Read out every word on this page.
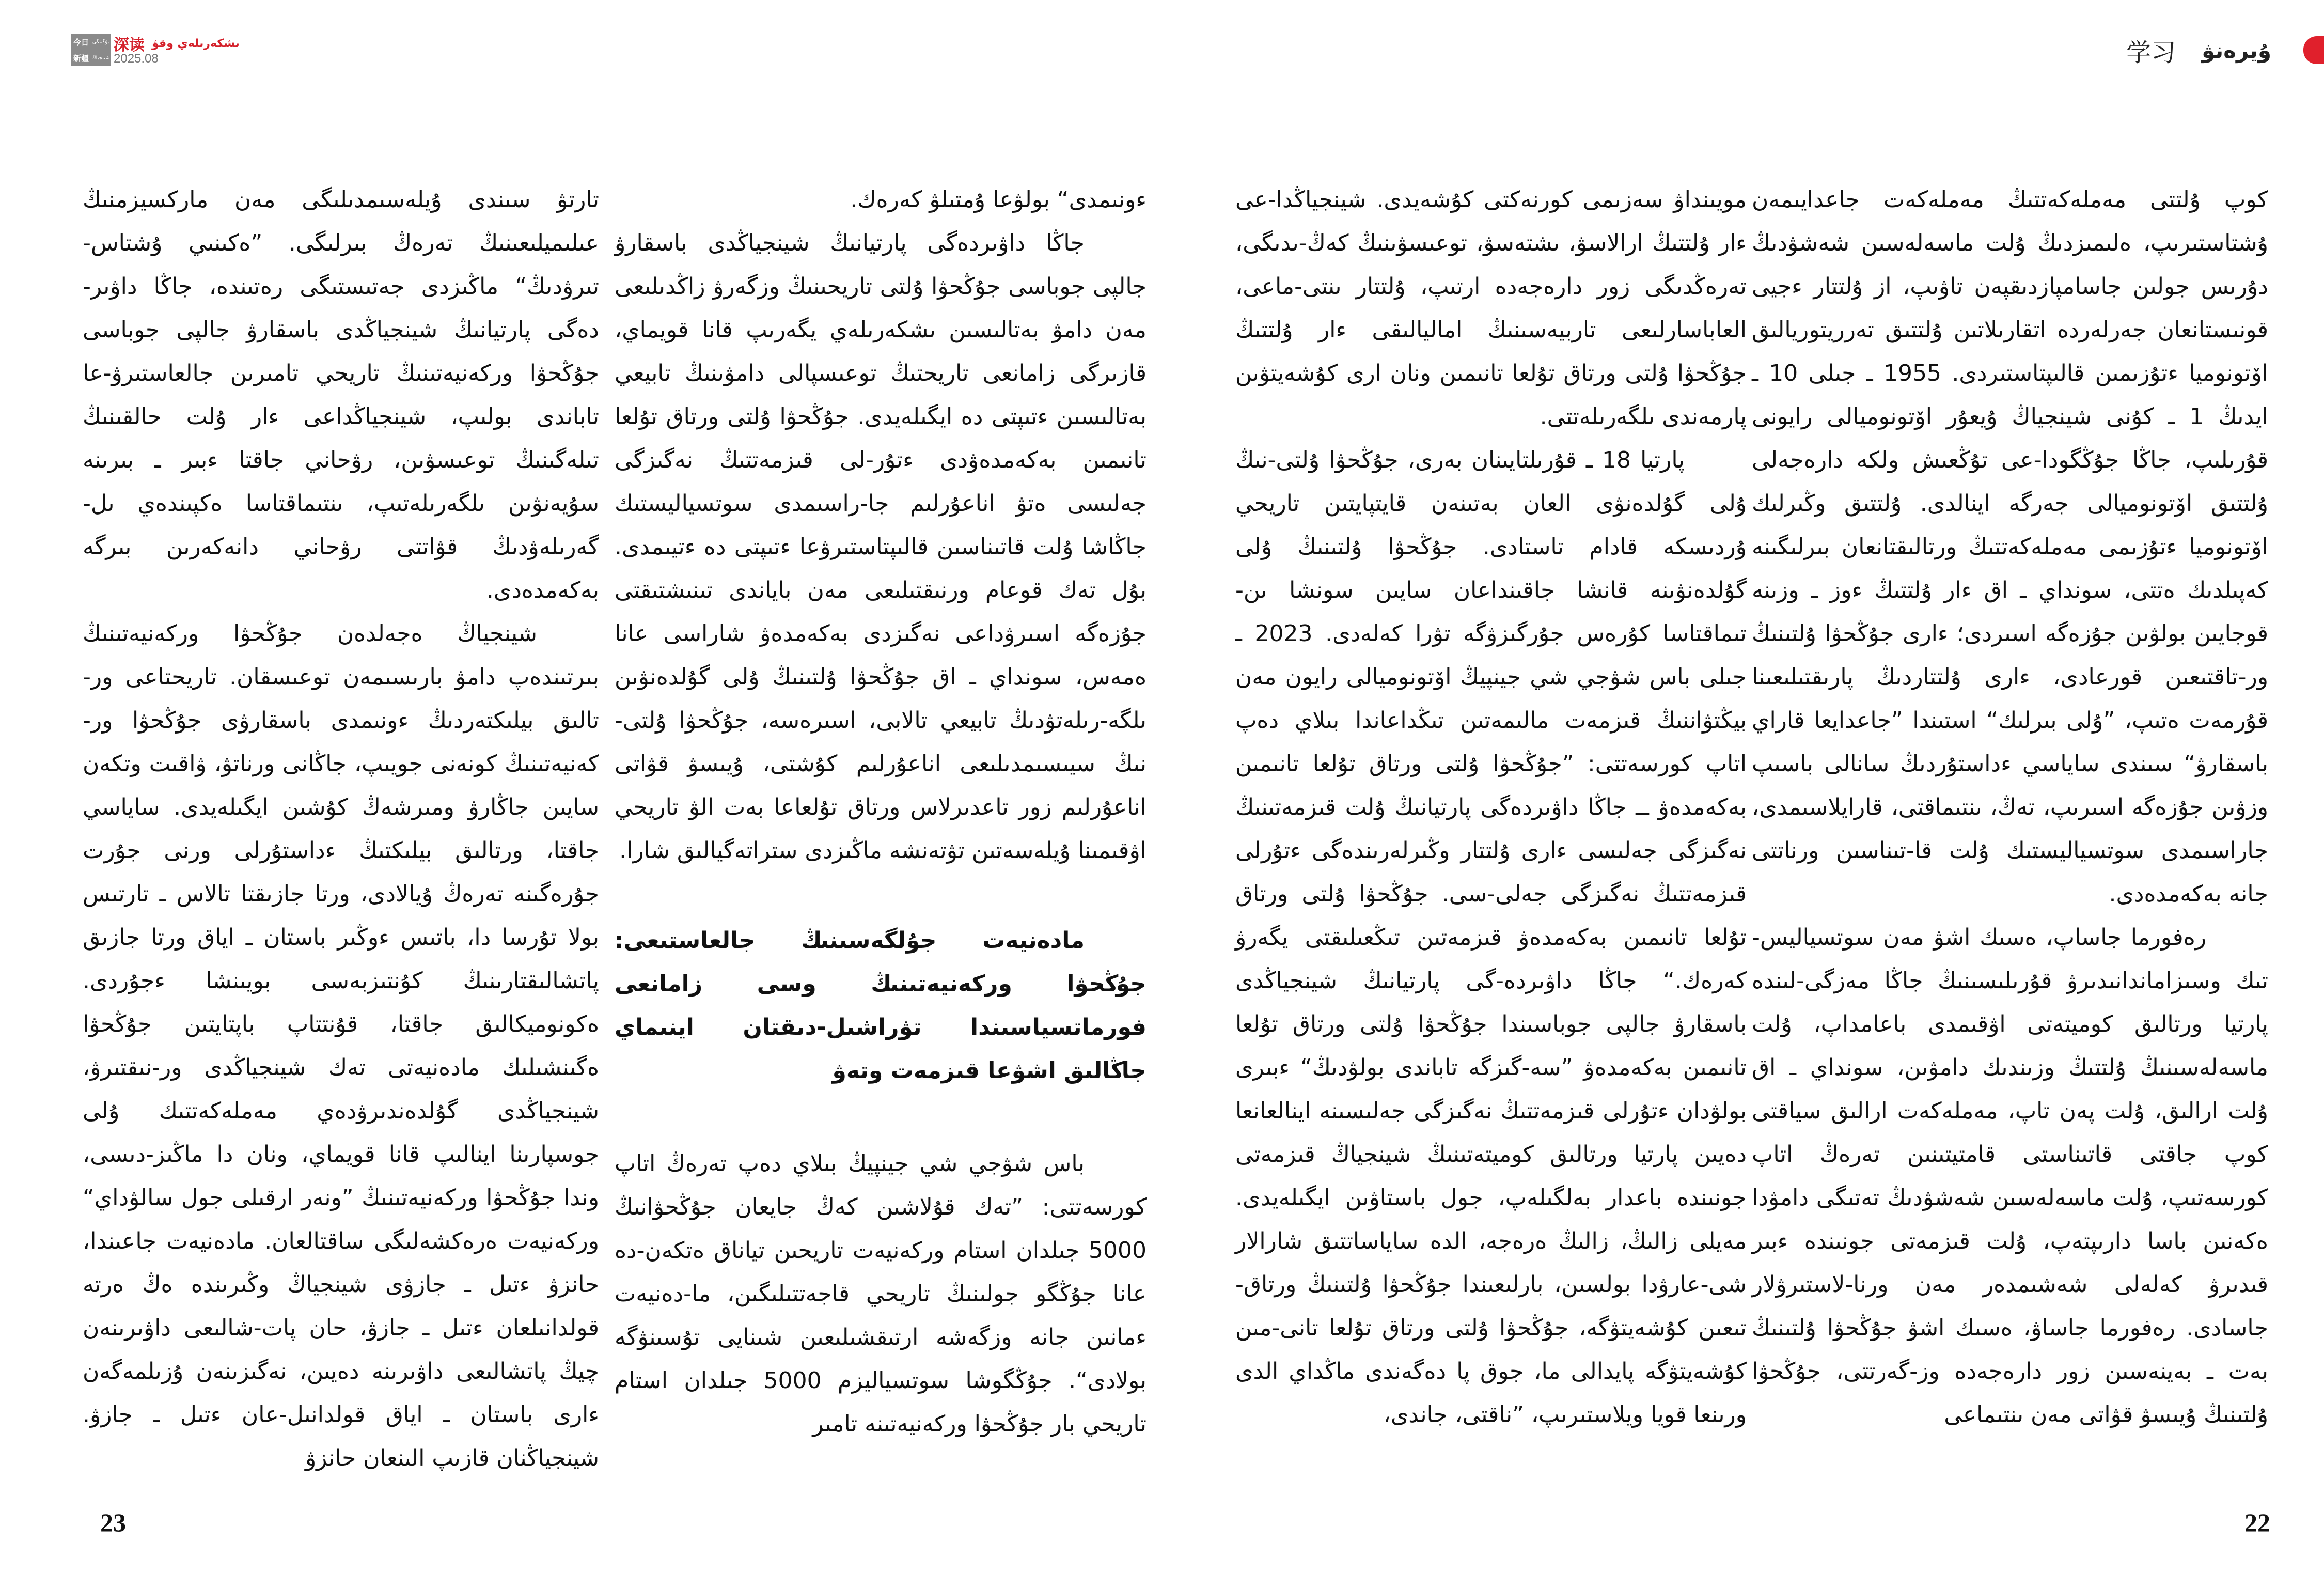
今日 بۇگىنگى
新疆 شىنجياڭ
深读 ىشكەرىلەي وقۋ
2025.08

تارتۋ سىندى ۇيلەسىمدىلىگى مەن ماركسيزمنىڭ عىلىميلىعىنىڭ تەرەڭ بىرلىگى. ”ەكىنىي ۇشتاس-تىرۋدىڭ“ ماڭىزدى جەتىستىگى رەتىندە، جاڭا داۋىر-دەگى پارتيانىڭ شينجياڭدى باسقارۋ جالپى جوباسى جۇڭحۋا وركەنيەتىنىڭ تاريحي تامىرىن جالعاستىرۋ-عا تاباندى بولىپ، شينجياڭداعى ءار ۇلت حالقىنىڭ تىلەگىنىڭ توعىسۋىن، رۋحاني جاقتا ءبىر ـ بىرىنە سۇيەنۋىن ىلگەرىلەتىپ، ىنتىماقتاسا ەكپىندەي ىل-گەرىلەۋدىڭ قۋاتتى رۋحاني دانەكەرىن بىرگە بەكەمدەدى.

شينجياڭ ەجەلدەن جۇڭحۋا وركەنيەتىنىڭ بىرتىندەپ دامۋ بارىسىمەن توعىسقان. تاريحتاعى ور-تالىق بيلىكتەردىڭ ءونىمدى باسقارۋى جۇڭحۋا ور-كەنيەتىنىڭ كونەنى جويىپ، جاڭانى ورناتۋ، ۋاقىت وتكەن سايىن جاڭارۋ ومىرشەڭ كۇشىن ايگىلەيدى. ساياسي جاقتا، ورتالىق بيلىكتىڭ ءداستۇرلى ورنى جۇرت جۇرەگىنە تەرەڭ ۇيالادى، ورتا جازىقتا تالاس ـ تارتىس بولا تۇرسا دا، باتىس ءوڭىر باستان ـ اياق ورتا جازىق پاتشالىقتارىنىڭ كۇنتىزبەسى بويىنشا ءجۇردى. ەكونوميكالىق جاقتا، قۇنتتاپ باپتايتىن جۇڭحۋا ەگىنشىلىك مادەنيەتى تەك شينجياڭدى ور-نىقتىرۋ، شينجياڭدى گۇلدەندىرۋدەي مەملەكەتتىك ۇلى جوسپارىنا اينالىپ قانا قويماي، ونان دا ماڭىز-دىسى، وندا جۇڭحۋا وركەنيەتىنىڭ ”ونەر ارقىلى جول سالۋداي“ وركەنيەت ەرەكشەلىگى ساقتالعان. مادەنيەت جاعىندا، حانزۋ ءتىل ـ جازۋى شينجياڭ وڭىرىندە ەڭ ەرتە قولدانىلعان ءتىل ـ جازۋ، حان پات-شالىعى داۋىرىنەن چيڭ پاتشالىعى داۋىرىنە دەيىن، نەگىزىنەن ۇزىلمەگەن ءارى باستان ـ اياق قولدانىل-عان ءتىل ـ جازۋ. شينجياڭنان قازىپ الىنعان حانزۋ

ءونىمدى“ بولۋعا ۇمتىلۋ كەرەك.

جاڭا داۋىردەگى پارتيانىڭ شينجياڭدى باسقارۋ جالپى جوباسى جۇڭحۋا ۇلتى تاريحىنىڭ وزگەرۋ زاڭدىلىعى مەن دامۋ بەتالىسىن ىشكەرىلەي يگەرىپ قانا قويماي، قازىرگى زامانعى تاريحتىڭ توعىسپالى دامۋىنىڭ تابيعي بەتالىسىن ءتىپتى دە ايگىلەيدى. جۇڭحۋا ۇلتى ورتاق تۇلعا تانىمىن بەكەمدەۋدى ءتۇر-لى قىزمەتتىڭ نەگىزگى جەلىسى ەتۋ اناعۇرلىم جا-راسىمدى سوتسياليستىك جاڭاشا ۇلت قاتىناسىن قالىپتاستىرۋعا ءتىپتى دە ءتيىمدى. بۇل تەك قوعام ورنىقتىلىعى مەن باياندى تىنىشتىقتى جۇزەگە اسىرۋداعى نەگىزدى بەكەمدەۋ شاراسى عانا ەمەس، سونداي ـ اق جۇڭحۋا ۇلتىنىڭ ۇلى گۇلدەنۋىن ىلگە-رىلەتۋدىڭ تابيعي تالابى، اسىرەسە، جۇڭحۋا ۇلتى-نىڭ سيىسىمدىلىعى اناعۇرلىم كۇشتى، ۇيىسۋ قۋاتى اناعۇرلىم زور تاعدىرلاس ورتاق تۇلعاعا بەت الۋ تاريحي اۋقىمىنا ۇيلەسەتىن تۋتەنشە ماڭىزدى ستراتەگيالىق شارا.

مادەنيەت جۇلگەسىنىڭ جالعاستىعى: جۇڭحۋا وركەنيەتىنىڭ وسى زامانعى فورماتسياسىندا تۋراشىل-دىقتان اينىماي جاڭالىق اشۋعا قىزمەت وتەۋ

باس شۋجي شي جينپيڭ بىلاي دەپ تەرەڭ اتاپ كورسەتتى: ”تەك قۇلاشىن كەڭ جايعان جۇڭحۋانىڭ 5000 جىلدان استام وركەنيەت تاريحىن تياناق ەتكەن-دە عانا جۇڭگو جولىنىڭ تاريحي قاجەتتىلىگىن، ما-دەنيەت ءمانىن جانە وزگەشە ارتىقشىلىعىن شىنايى تۇسىنۋگە بولادى“. جۇڭگوشا سوتسياليزم 5000 جىلدان استام تاريحي بار جۇڭحۋا وركەنيەتىنە تامىر

23
学习 ۇيرەنۋ

مويىنداۋ سەزىمى كورنەكتى كۇشەيدى. شينجياڭدا-عى ءار ۇلتتىڭ ارالاسۋ، ىشتەسۋ، توعىسۋىنىڭ كەڭ-ىدىگى، تەرەڭدىگى زور دارەجەدە ارتىپ، ۇلتتار ىنتى-ماعى، العاباسارلىعى تاربيەسىنىڭ اماليالىقى ءار ۇلتتىڭ جۇڭحۋا ۇلتى ورتاق تۇلعا تانىمىن ونان ارى كۇشەيتۋىن پارمەندى ىلگەرىلەتتى.

پارتيا 18 ـ قۇرىلتايىنان بەرى، جۇڭحۋا ۇلتى-نىڭ ۇلى گۇلدەنۋى العان بەتىنەن قايتپايتىن تاريحي ۇردىسكە قادام تاستادى. جۇڭحۋا ۇلتىنىڭ ۇلى گۇلدەنۋىنە قانشا جاقىنداعان سايىن سونشا ىن-تىماقتاسا كۇرەس جۇرگىزۋگە تۋرا كەلەدى. 2023 ـ جىلى باس شۋجي شي جينپيڭ اۆتونوميالى رايون مەن بيڭتۋاننىڭ قىزمەت مالىمەتىن تىڭداعاندا بىلاي دەپ اتاپ كورسەتتى: ”جۇڭحۋا ۇلتى ورتاق تۇلعا تانىمىن بەكەمدەۋ ــ جاڭا داۋىردەگى پارتيانىڭ ۇلت قىزمەتىنىڭ نەگىزگى جەلىسى ءارى ۇلتتار وڭىرلەرىندەگى ءتۇرلى قىزمەتتىڭ نەگىزگى جەلى-سى. جۇڭحۋا ۇلتى ورتاق تۇلعا تانىمىن بەكەمدەۋ قىزمەتىن تىڭعىلىقتى يگەرۋ كەرەك.“ جاڭا داۋىردە-گى پارتيانىڭ شينجياڭدى باسقارۋ جالپى جوباسىندا جۇڭحۋا ۇلتى ورتاق تۇلعا تانىمىن بەكەمدەۋ ”سە-گىزگە تاباندى بولۋدىڭ“ ءبىرى بولۋدان ءتۇرلى قىزمەتتىڭ نەگىزگى جەلىسىنە اينالعانعا دەيىن پارتيا ورتالىق كوميتەتىنىڭ شينجياڭ قىزمەتى جونىندە باعدار بەلگىلەپ، جول باستاۋىن ايگىلەيدى. مەيلى زالىڭ، زالىڭ ەرەجە، الدە ساياساتتىق شارالار شى-عارۋدا بولسىن، بارلىعىندا جۇڭحۋا ۇلتىنىڭ ورتاق-تىعىن كۇشەيتۋگە، جۇڭحۋا ۇلتى ورتاق تۇلعا تانى-مىن كۇشەيتۋگە پايدالى ما، جوق پا دەگەندى ماڭداي الدى ورىنعا قويا ويلاستىرىپ، ”ناقتى، جاندى،

كوپ ۇلتتى مەملەكەتتىڭ مەملەكەت جاعدايىمەن ۇشتاستىرىپ، ەلىمىزدىڭ ۇلت ماسەلەسىن شەشۋدىڭ دۇرىس جولىن جاسامپازدىقپەن تاۋىپ، از ۇلتتار ءجيى قونىستانعان جەرلەردە اتقارىلاتىن ۇلتتىق تەرريتوريالىق اۆتونوميا ءتۇزىمىن قالىپتاستىردى. 1955 ـ جىلى 10 ـ ايدىڭ 1 ـ كۇنى شينجياڭ ۇيعۇر اۆتونوميالى رايونى قۇرىلىپ، جاڭا جۇڭگودا-عى تۇڭعىش ولكە دارەجەلى ۇلتتىق اۆتونوميالى جەرگە اينالدى. ۇلتتىق وڭىرلىك اۆتونوميا ءتۇزىمى مەملەكەتتىڭ ورتالىقتانعان بىرلىگىنە كەپىلدىك ەتتى، سونداي ـ اق ءار ۇلتتىڭ ءوز ـ وزىنە قوجايىن بولۋىن جۇزەگە اسىردى؛ ءارى جۇڭحۋا ۇلتىنىڭ ور-تاقتىعىن قورعادى، ءارى ۇلتتاردىڭ پارىقتىلىعىنا قۇرمەت ەتىپ، ”ۇلى بىرلىك“ استىندا ”جاعدايعا قاراي باسقارۋ“ سىندى ساياسي ءداستۇردىڭ سانالى باسىپ وزۋىن جۇزەگە اسىرىپ، تەڭ، ىنتىماقتى، قارايلاسىمدى، جاراسىمدى سوتسياليستىك ۇلت قا-تىناسىن ورناتتى جانە بەكەمدەدى.

رەفورما جاساپ، ەسىك اشۋ مەن سوتسياليس-تىك وسىزاماندانىدىرۋ قۇرىلىسىنىڭ جاڭا مەزگى-لىندە پارتيا ورتالىق كوميتەتى اۋقىمدى باعامداپ، ۇلت ماسەلەسىنىڭ ۇلتتىڭ وزىندىك دامۋىن، سونداي ـ اق ۇلت ارالىق، ۇلت پەن تاپ، مەملەكەت ارالىق سياقتى كوپ جاقتى قاتىناستى قامتيتىنىن تەرەڭ اتاپ كورسەتىپ، ۇلت ماسەلەسىن شەشۋدىڭ تەتىگى دامۋدا ەكەنىن باسا دارىپتەپ، ۇلت قىزمەتى جونىندە ءبىر قىدىرۋ كەلەلى شەشىمدەر مەن ورنا-لاستىرۋلار جاسادى. رەفورما جاساۋ، ەسىك اشۋ جۇڭحۋا ۇلتىنىڭ بەت ـ بەينەسىن زور دارەجەدە وز-گەرتتى، جۇڭحۋا ۇلتىنىڭ ۇيىسۋ قۋاتى مەن ىنتىماعى

22
